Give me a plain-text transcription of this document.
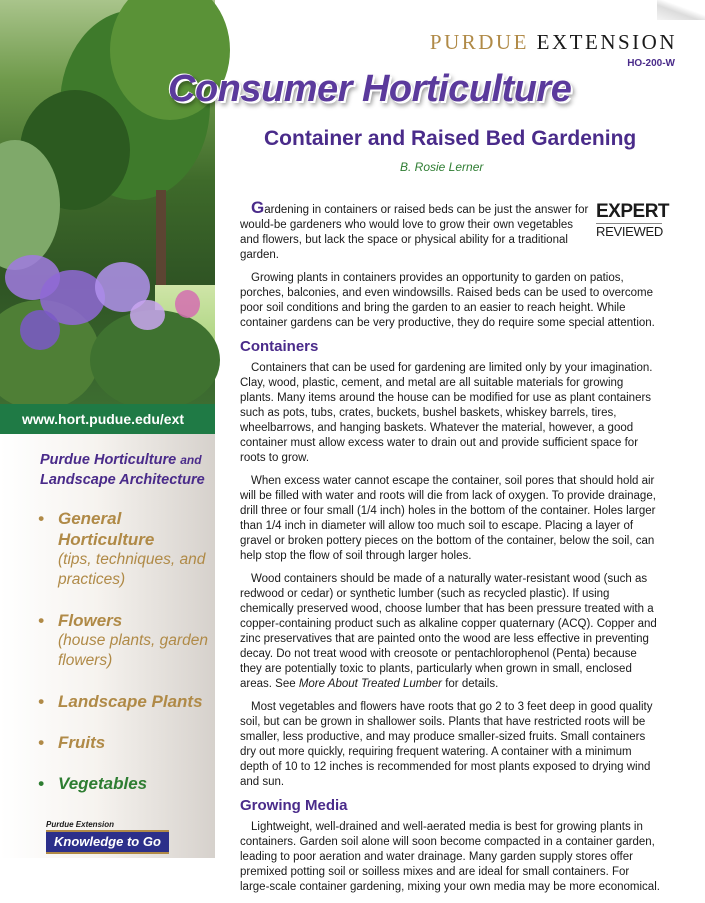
PURDUE EXTENSION
HO-200-W
Consumer Horticulture
www.hort.pudue.edu/ext
Purdue Horticulture and
Landscape Architecture
• General Horticulture
(tips, techniques, and practices)
• Flowers
(house plants, garden flowers)
• Landscape Plants
• Fruits
• Vegetables
Purdue Extension
Knowledge to Go
Container and Raised Bed Gardening
B. Rosie Lerner
EXPERT
REVIEWED

Gardening in containers or raised beds can be just the answer for would-be gardeners who would love to grow their own vegetables and flowers, but lack the space or physical ability for a traditional garden.

Growing plants in containers provides an opportunity to garden on patios, porches, balconies, and even windowsills. Raised beds can be used to overcome poor soil conditions and bring the garden to an easier to reach height. While container gardens can be very productive, they do require some special attention.

Containers

Containers that can be used for gardening are limited only by your imagination. Clay, wood, plastic, cement, and metal are all suitable materials for growing plants. Many items around the house can be modified for use as plant containers such as pots, tubs, crates, buckets, bushel baskets, whiskey barrels, tires, wheelbarrows, and hanging baskets. Whatever the material, however, a good container must allow excess water to drain out and provide sufficient space for roots to grow.

When excess water cannot escape the container, soil pores that should hold air will be filled with water and roots will die from lack of oxygen. To provide drainage, drill three or four small (1/4 inch) holes in the bottom of the container. Holes larger than 1/4 inch in diameter will allow too much soil to escape. Placing a layer of gravel or broken pottery pieces on the bottom of the container, below the soil, can help stop the flow of soil through larger holes.

Wood containers should be made of a naturally water-resistant wood (such as redwood or cedar) or synthetic lumber (such as recycled plastic). If using chemically preserved wood, choose lumber that has been pressure treated with a copper-containing product such as alkaline copper quaternary (ACQ). Copper and zinc preservatives that are painted onto the wood are less effective in preventing decay. Do not treat wood with creosote or pentachlorophenol (Penta) because they are potentially toxic to plants, particularly when grown in small, enclosed areas. See More About Treated Lumber for details.

Most vegetables and flowers have roots that go 2 to 3 feet deep in good quality soil, but can be grown in shallower soils. Plants that have restricted roots will be smaller, less productive, and may produce smaller-sized fruits. Small containers dry out more quickly, requiring frequent watering. A container with a minimum depth of 10 to 12 inches is recommended for most plants exposed to drying wind and sun.

Growing Media

Lightweight, well-drained and well-aerated media is best for growing plants in containers. Garden soil alone will soon become compacted in a container garden, leading to poor aeration and water drainage. Many garden supply stores offer premixed potting soil or soilless mixes and are ideal for small containers. For large-scale container gardening, mixing your own media may be more economical.
